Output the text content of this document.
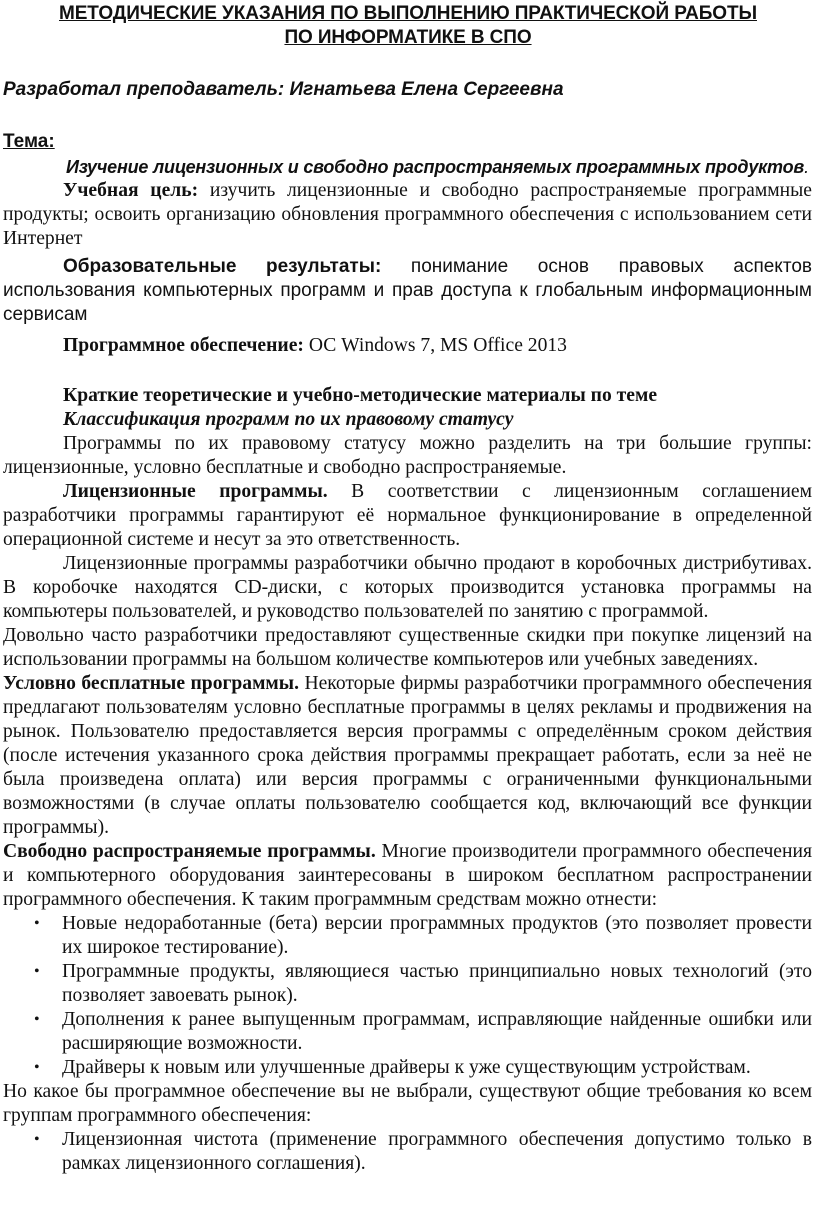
МЕТОДИЧЕСКИЕ УКАЗАНИЯ ПО ВЫПОЛНЕНИЮ ПРАКТИЧЕСКОЙ РАБОТЫ
ПО ИНФОРМАТИКЕ В СПО
Разработал преподаватель: Игнатьева Елена Сергеевна
Тема:
Изучение лицензионных и свободно распространяемых программных продуктов.

Учебная цель: изучить лицензионные и свободно распространяемые программные продукты; освоить организацию обновления программного обеспечения с использованием сети Интернет

Образовательные результаты: понимание основ правовых аспектов использования компьютерных программ и прав доступа к глобальным информационным сервисам

Программное обеспечение: ОС Windows 7, MS Office 2013

Краткие теоретические и учебно-методические материалы по теме

Классификация программ по их правовому статусу

Программы по их правовому статусу можно разделить на три большие группы: лицензионные, условно бесплатные и свободно распространяемые.

Лицензионные программы. В соответствии с лицензионным соглашением разработчики программы гарантируют её нормальное функционирование в определенной операционной системе и несут за это ответственность.

Лицензионные программы разработчики обычно продают в коробочных дистрибутивах. В коробочке находятся CD-диски, с которых производится установка программы на компьютеры пользователей, и руководство пользователей по занятию с программой.

Довольно часто разработчики предоставляют существенные скидки при покупке лицензий на использовании программы на большом количестве компьютеров или учебных заведениях.

Условно бесплатные программы. Некоторые фирмы разработчики программного обеспечения предлагают пользователям условно бесплатные программы в целях рекламы и продвижения на рынок. Пользователю предоставляется версия программы с определённым сроком действия (после истечения указанного срока действия программы прекращает работать, если за неё не была произведена оплата) или версия программы с ограниченными функциональными возможностями (в случае оплаты пользователю сообщается код, включающий все функции программы).

Свободно распространяемые программы. Многие производители программного обеспечения и компьютерного оборудования заинтересованы в широком бесплатном распространении программного обеспечения. К таким программным средствам можно отнести:

• Новые недоработанные (бета) версии программных продуктов (это позволяет провести их широкое тестирование).
• Программные продукты, являющиеся частью принципиально новых технологий (это позволяет завоевать рынок).
• Дополнения к ранее выпущенным программам, исправляющие найденные ошибки или расширяющие возможности.
• Драйверы к новым или улучшенные драйверы к уже существующим устройствам.

Но какое бы программное обеспечение вы не выбрали, существуют общие требования ко всем группам программного обеспечения:

• Лицензионная чистота (применение программного обеспечения допустимо только в рамках лицензионного соглашения).
